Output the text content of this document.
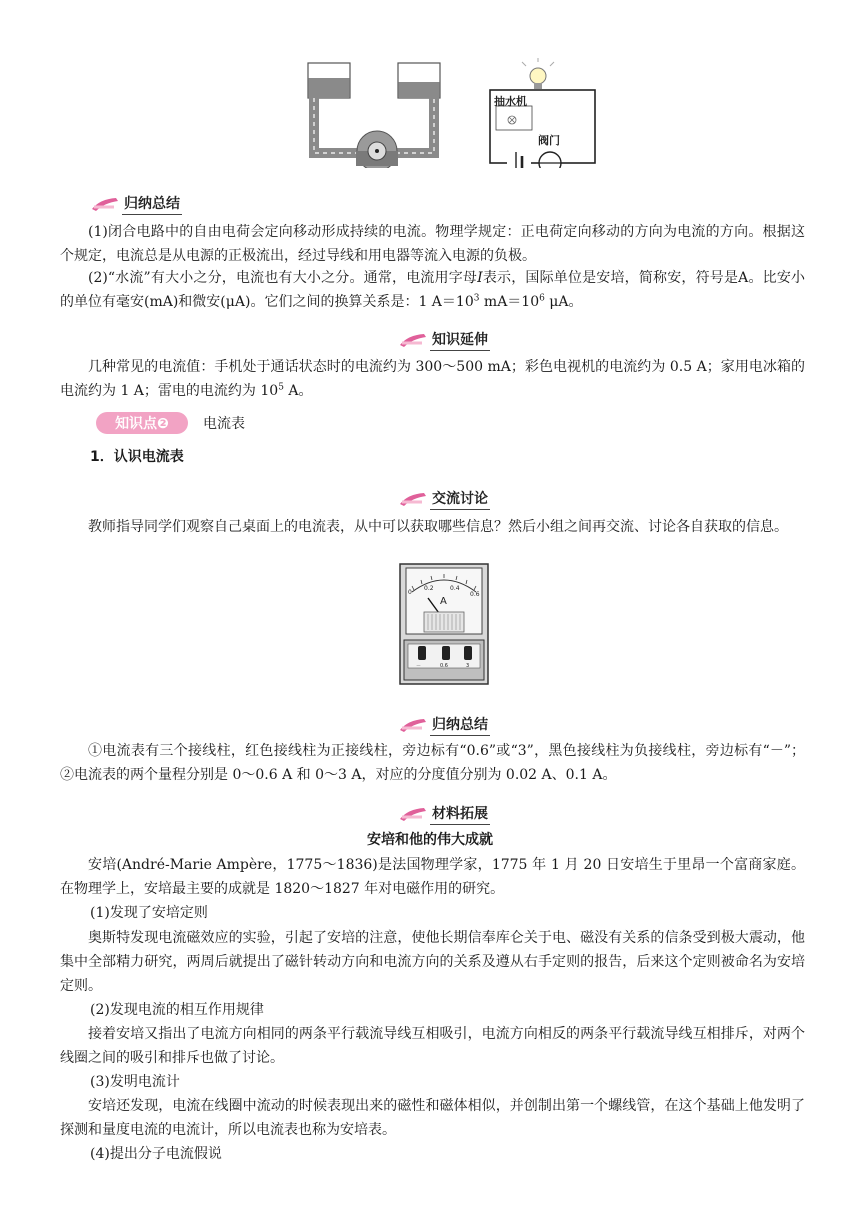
抽水机
阀门
归纳总结

(1)闭合电路中的自由电荷会定向移动形成持续的电流。物理学规定：正电荷定向移动的方向为电流的方向。根据这个规定，电流总是从电源的正极流出，经过导线和用电器等流入电源的负极。

(2)“水流”有大小之分，电流也有大小之分。通常，电流用字母I表示，国际单位是安培，简称安，符号是A。比安小的单位有毫安(mA)和微安(μA)。它们之间的换算关系是：1 $A=10^3$ $mA=10^6$ μA。

知识延伸

几种常见的电流值：手机处于通话状态时的电流约为 300～500 mA；彩色电视机的电流约为 0.5 A；家用电冰箱的电流约为 1 A；雷电的电流约为 $10^5$ A。

知识点❷	电流表
1．认识电流表
交流讨论

教师指导同学们观察自己桌面上的电流表，从中可以获取哪些信息？然后小组之间再交流、讨论各自获取的信息。

0
0.2	0.4
0.6
A
－	0.6	3
归纳总结

①电流表有三个接线柱，红色接线柱为正接线柱，旁边标有“0.6”或“3”，黑色接线柱为负接线柱，旁边标有“－”；②电流表的两个量程分别是 0～0.6 A 和 0～3 A，对应的分度值分别为 0.02 A、0.1 A。

材料拓展
安培和他的伟大成就

安培(André-Marie Ampère，1775～1836)是法国物理学家，1775 年 1 月 20 日安培生于里昂一个富商家庭。在物理学上，安培最主要的成就是 1820～1827 年对电磁作用的研究。

(1)发现了安培定则

奥斯特发现电流磁效应的实验，引起了安培的注意，使他长期信奉库仑关于电、磁没有关系的信条受到极大震动，他集中全部精力研究，两周后就提出了磁针转动方向和电流方向的关系及遵从右手定则的报告，后来这个定则被命名为安培定则。

(2)发现电流的相互作用规律

接着安培又指出了电流方向相同的两条平行载流导线互相吸引，电流方向相反的两条平行载流导线互相排斥，对两个线圈之间的吸引和排斥也做了讨论。

(3)发明电流计

安培还发现，电流在线圈中流动的时候表现出来的磁性和磁体相似，并创制出第一个螺线管，在这个基础上他发明了探测和量度电流的电流计，所以电流表也称为安培表。

(4)提出分子电流假说
